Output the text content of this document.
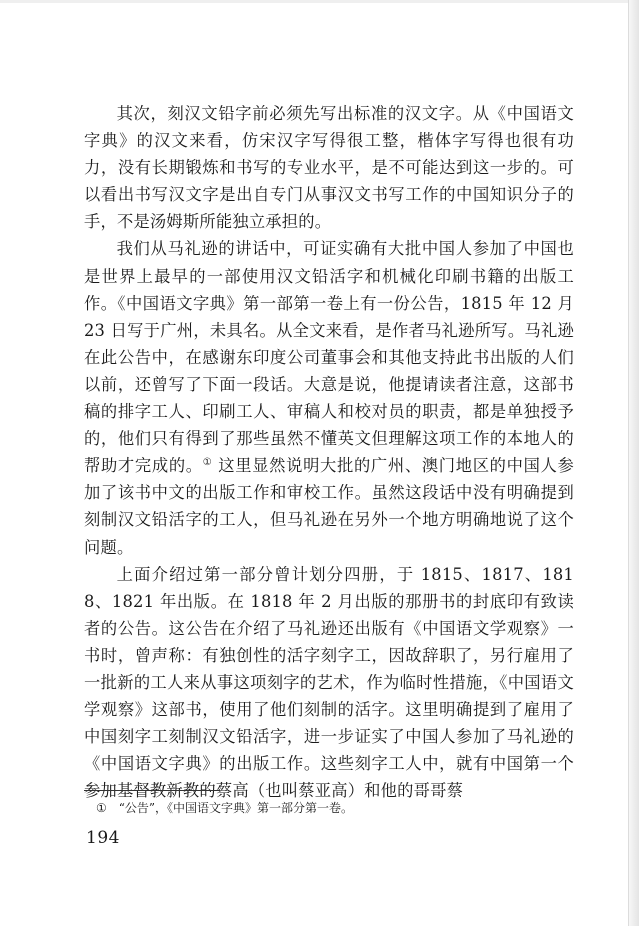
其次，刻汉文铅字前必须先写出标准的汉文字。从《中国语文字典》的汉文来看，仿宋汉字写得很工整，楷体字写得也很有功力，没有长期锻炼和书写的专业水平，是不可能达到这一步的。可以看出书写汉文字是出自专门从事汉文书写工作的中国知识分子的手，不是汤姆斯所能独立承担的。

我们从马礼逊的讲话中，可证实确有大批中国人参加了中国也是世界上最早的一部使用汉文铅活字和机械化印刷书籍的出版工作。《中国语文字典》第一部第一卷上有一份公告，1815 年 12 月 23 日写于广州，未具名。从全文来看，是作者马礼逊所写。马礼逊在此公告中，在感谢东印度公司董事会和其他支持此书出版的人们以前，还曾写了下面一段话。大意是说，他提请读者注意，这部书稿的排字工人、印刷工人、审稿人和校对员的职责，都是单独授予的，他们只有得到了那些虽然不懂英文但理解这项工作的本地人的帮助才完成的。① 这里显然说明大批的广州、澳门地区的中国人参加了该书中文的出版工作和审校工作。虽然这段话中没有明确提到刻制汉文铅活字的工人，但马礼逊在另外一个地方明确地说了这个问题。

上面介绍过第一部分曾计划分四册，于 1815、1817、1818、1821 年出版。在 1818 年 2 月出版的那册书的封底印有致读者的公告。这公告在介绍了马礼逊还出版有《中国语文学观察》一书时，曾声称：有独创性的活字刻字工，因故辞职了，另行雇用了一批新的工人来从事这项刻字的艺术，作为临时性措施，《中国语文学观察》这部书，使用了他们刻制的活字。这里明确提到了雇用了中国刻字工刻制汉文铅活字，进一步证实了中国人参加了马礼逊的《中国语文字典》的出版工作。这些刻字工人中，就有中国第一个参加基督教新教的蔡高（也叫蔡亚高）和他的哥哥蔡

① “公告”，《中国语文字典》第一部分第一卷。
194
